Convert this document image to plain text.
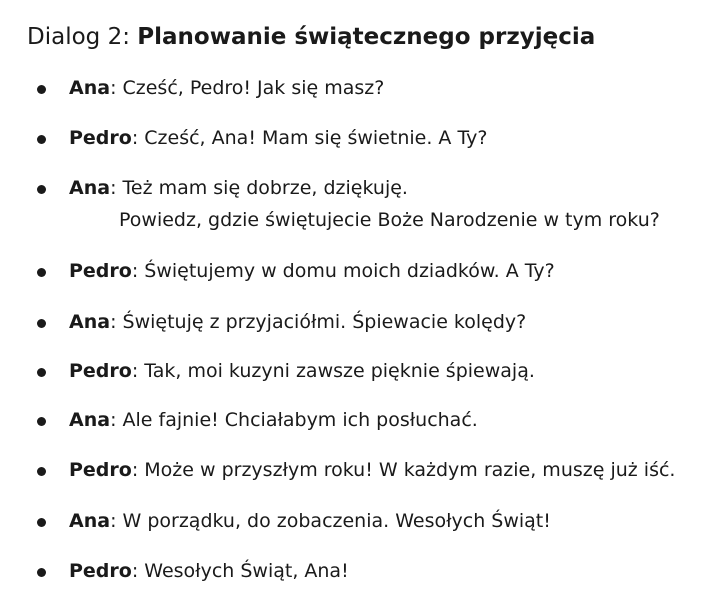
Dialog 2: Planowanie świątecznego przyjęcia
Ana: Cześć, Pedro! Jak się masz?
Pedro: Cześć, Ana! Mam się świetnie. A Ty?
Ana: Też mam się dobrze, dziękuję.
Powiedz, gdzie świętujecie Boże Narodzenie w tym roku?
Pedro: Świętujemy w domu moich dziadków. A Ty?
Ana: Świętuję z przyjaciółmi. Śpiewacie kolędy?
Pedro: Tak, moi kuzyni zawsze pięknie śpiewają.
Ana: Ale fajnie! Chciałabym ich posłuchać.
Pedro: Może w przyszłym roku! W każdym razie, muszę już iść.
Ana: W porządku, do zobaczenia. Wesołych Świąt!
Pedro: Wesołych Świąt, Ana!
